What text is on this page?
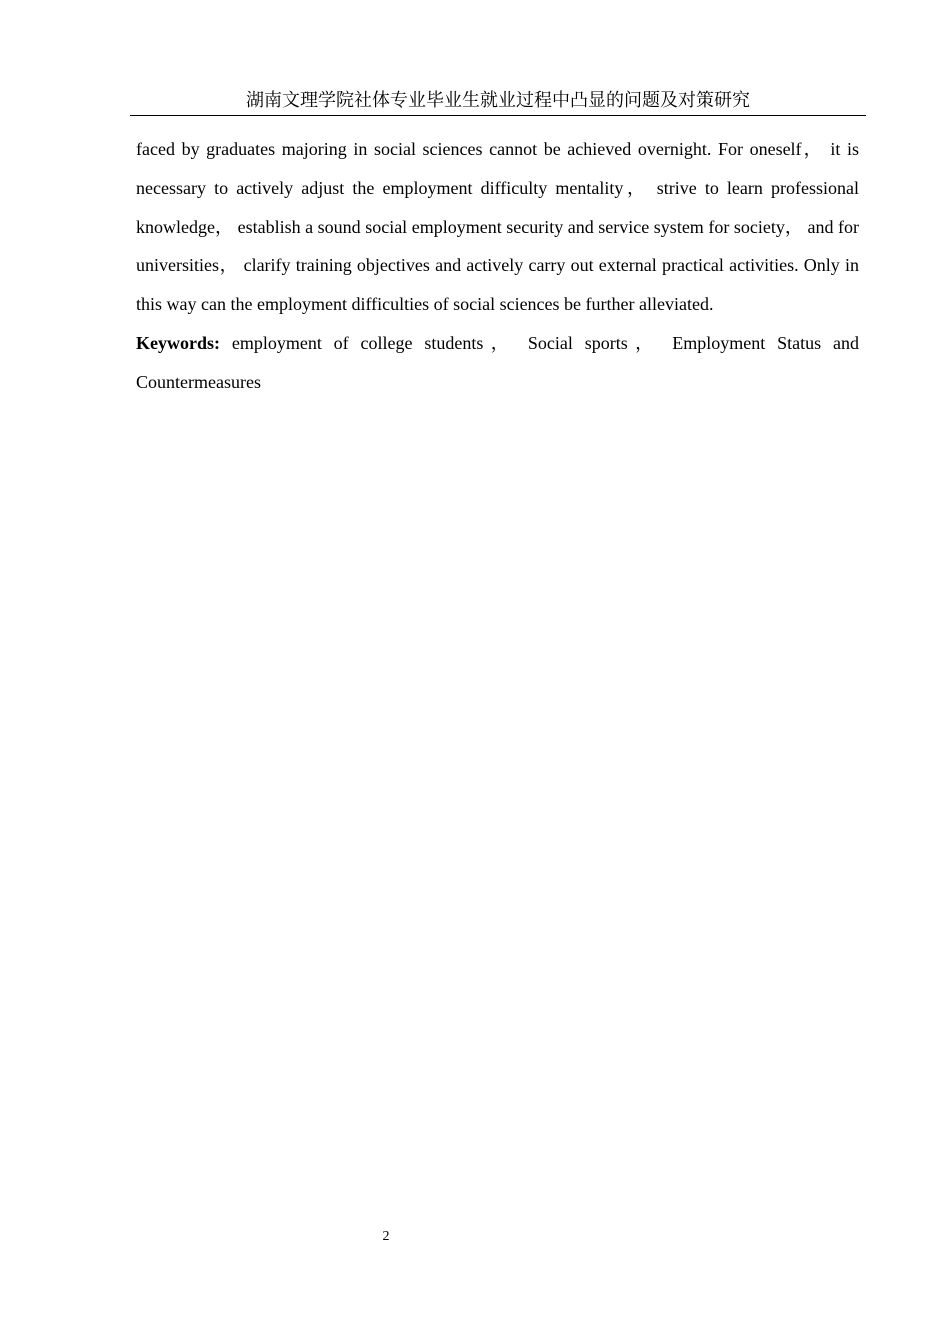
湖南文理学院社体专业毕业生就业过程中凸显的问题及对策研究

faced by graduates majoring in social sciences cannot be achieved overnight. For oneself， it is necessary to actively adjust the employment difficulty mentality， strive to learn professional knowledge， establish a sound social employment security and service system for society， and for universities， clarify training objectives and actively carry out external practical activities. Only in this way can the employment difficulties of social sciences be further alleviated.

Keywords: employment of college students， Social sports， Employment Status and Countermeasures

2
